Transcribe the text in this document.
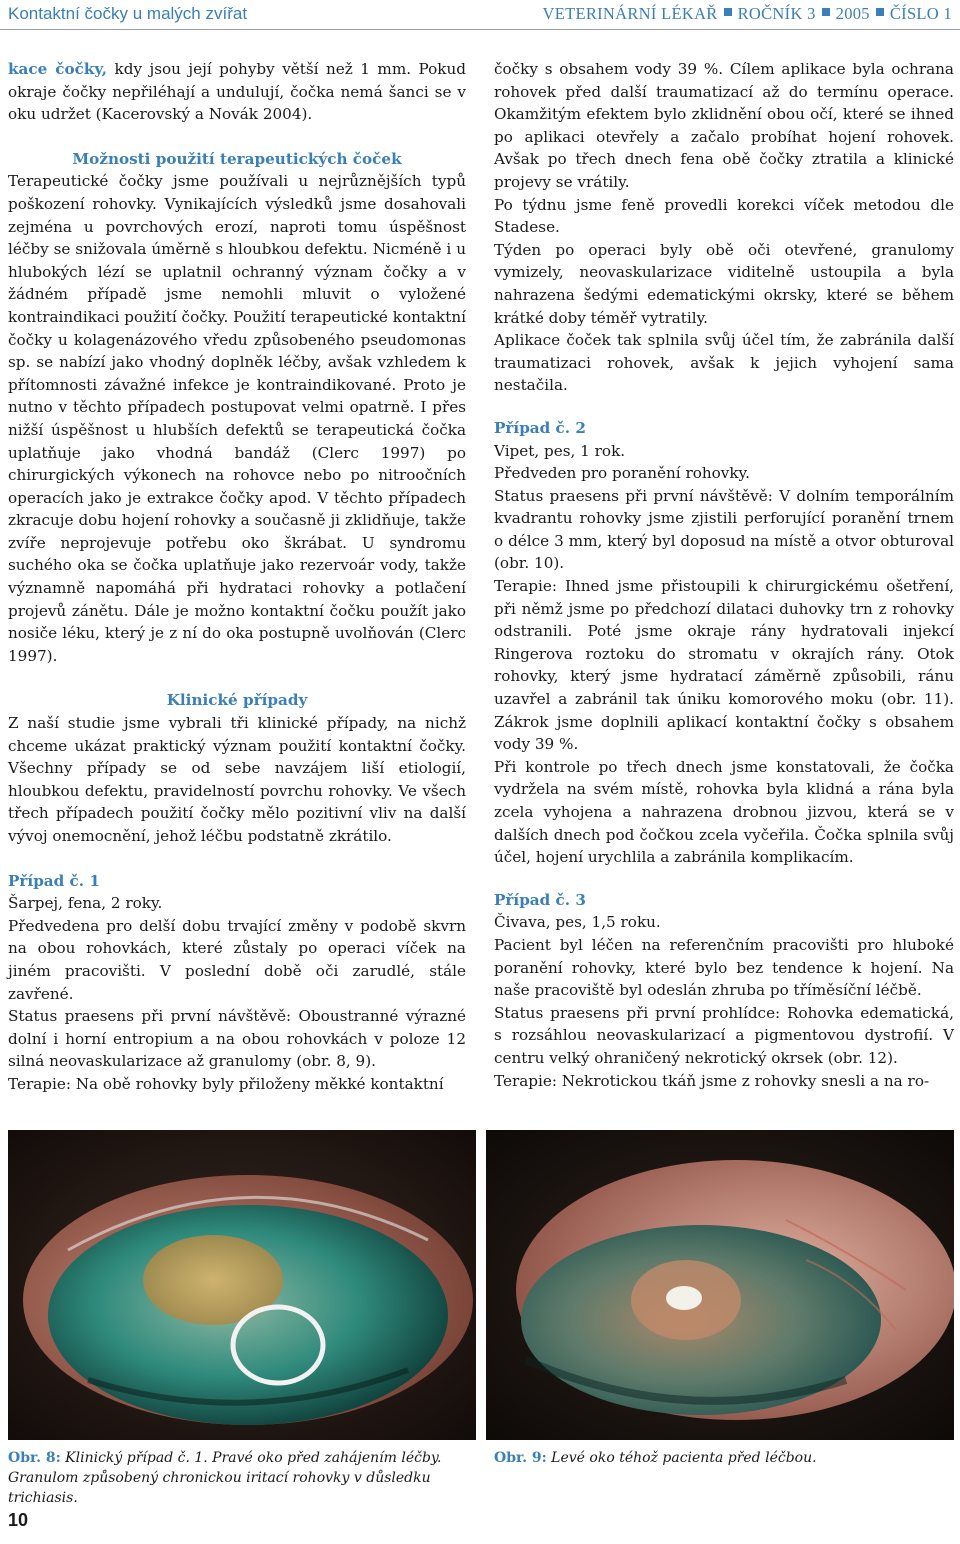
Kontaktní čočky u malých zvířat	VETERINÁRNÍ LÉKAŘ ROČNÍK 3 2005 ČÍSLO 1

kace čočky, kdy jsou její pohyby větší než 1 mm. Pokud okraje čočky nepřiléhají a undulují, čočka nemá šanci se v oku udržet (Kacerovský a Novák 2004).

Možnosti použití terapeutických čoček

Terapeutické čočky jsme používali u nejrůznějších typů poškození rohovky. Vynikajících výsledků jsme dosahovali zejména u povrchových erozí, naproti tomu úspěšnost léčby se snižovala úměrně s hloubkou defektu. Nicméně i u hlubokých lézí se uplatnil ochranný význam čočky a v žádném případě jsme nemohli mluvit o vyložené kontraindikaci použití čočky. Použití terapeutické kontaktní čočky u kolagenázového vředu způsobeného pseudomonas sp. se nabízí jako vhodný doplněk léčby, avšak vzhledem k přítomnosti závažné infekce je kontraindikované. Proto je nutno v těchto případech postupovat velmi opatrně. I přes nižší úspěšnost u hlubších defektů se terapeutická čočka uplatňuje jako vhodná bandáž (Clerc 1997) po chirurgických výkonech na rohovce nebo po nitroočních operacích jako je extrakce čočky apod. V těchto případech zkracuje dobu hojení rohovky a současně ji zklidňuje, takže zvíře neprojevuje potřebu oko škrábat. U syndromu suchého oka se čočka uplatňuje jako rezervoár vody, takže významně napomáhá při hydrataci rohovky a potlačení projevů zánětu. Dále je možno kontaktní čočku použít jako nosiče léku, který je z ní do oka postupně uvolňován (Clerc 1997).

Klinické případy

Z naší studie jsme vybrali tři klinické případy, na nichž chceme ukázat praktický význam použití kontaktní čočky. Všechny případy se od sebe navzájem liší etiologií, hloubkou defektu, pravidelností povrchu rohovky. Ve všech třech případech použití čočky mělo pozitivní vliv na další vývoj onemocnění, jehož léčbu podstatně zkrátilo.

Případ č. 1

Šarpej, fena, 2 roky.

Předvedena pro delší dobu trvající změny v podobě skvrn na obou rohovkách, které zůstaly po operaci víček na jiném pracovišti. V poslední době oči zarudlé, stále zavřené.

Status praesens při první návštěvě: Oboustranné výrazné dolní i horní entropium a na obou rohovkách v poloze 12 silná neovaskularizace až granulomy (obr. 8, 9).

Terapie: Na obě rohovky byly přiloženy měkké kontaktní

čočky s obsahem vody 39 %. Cílem aplikace byla ochrana rohovek před další traumatizací až do termínu operace. Okamžitým efektem bylo zklidnění obou očí, které se ihned po aplikaci otevřely a začalo probíhat hojení rohovek. Avšak po třech dnech fena obě čočky ztratila a klinické projevy se vrátily.

Po týdnu jsme feně provedli korekci víček metodou dle Stadese.

Týden po operaci byly obě oči otevřené, granulomy vymizely, neovaskularizace viditelně ustoupila a byla nahrazena šedými edematickými okrsky, které se během krátké doby téměř vytratily.

Aplikace čoček tak splnila svůj účel tím, že zabránila další traumatizaci rohovek, avšak k jejich vyhojení sama nestačila.

Případ č. 2

Vipet, pes, 1 rok.

Předveden pro poranění rohovky.

Status praesens při první návštěvě: V dolním temporálním kvadrantu rohovky jsme zjistili perforující poranění trnem o délce 3 mm, který byl doposud na místě a otvor obturoval (obr. 10).

Terapie: Ihned jsme přistoupili k chirurgickému ošetření, při němž jsme po předchozí dilataci duhovky trn z rohovky odstranili. Poté jsme okraje rány hydratovali injekcí Ringerova roztoku do stromatu v okrajích rány. Otok rohovky, který jsme hydratací záměrně způsobili, ránu uzavřel a zabránil tak úniku komorového moku (obr. 11). Zákrok jsme doplnili aplikací kontaktní čočky s obsahem vody 39 %.

Při kontrole po třech dnech jsme konstatovali, že čočka vydržela na svém místě, rohovka byla klidná a rána byla zcela vyhojena a nahrazena drobnou jizvou, která se v dalších dnech pod čočkou zcela vyčeřila. Čočka splnila svůj účel, hojení urychlila a zabránila komplikacím.

Případ č. 3

Čivava, pes, 1,5 roku.

Pacient byl léčen na referenčním pracovišti pro hluboké poranění rohovky, které bylo bez tendence k hojení. Na naše pracoviště byl odeslán zhruba po tříměsíční léčbě.

Status praesens při první prohlídce: Rohovka edematická, s rozsáhlou neovaskularizací a pigmentovou dystrofií. V centru velký ohraničený nekrotický okrsek (obr. 12).

Terapie: Nekrotickou tkáň jsme z rohovky snesli a na ro-

Obr. 8: Klinický případ č. 1. Pravé oko před zahájením léčby. Granulom způsobený chronickou iritací rohovky v důsledku trichiasis.
Obr. 9: Levé oko téhož pacienta před léčbou.
10
